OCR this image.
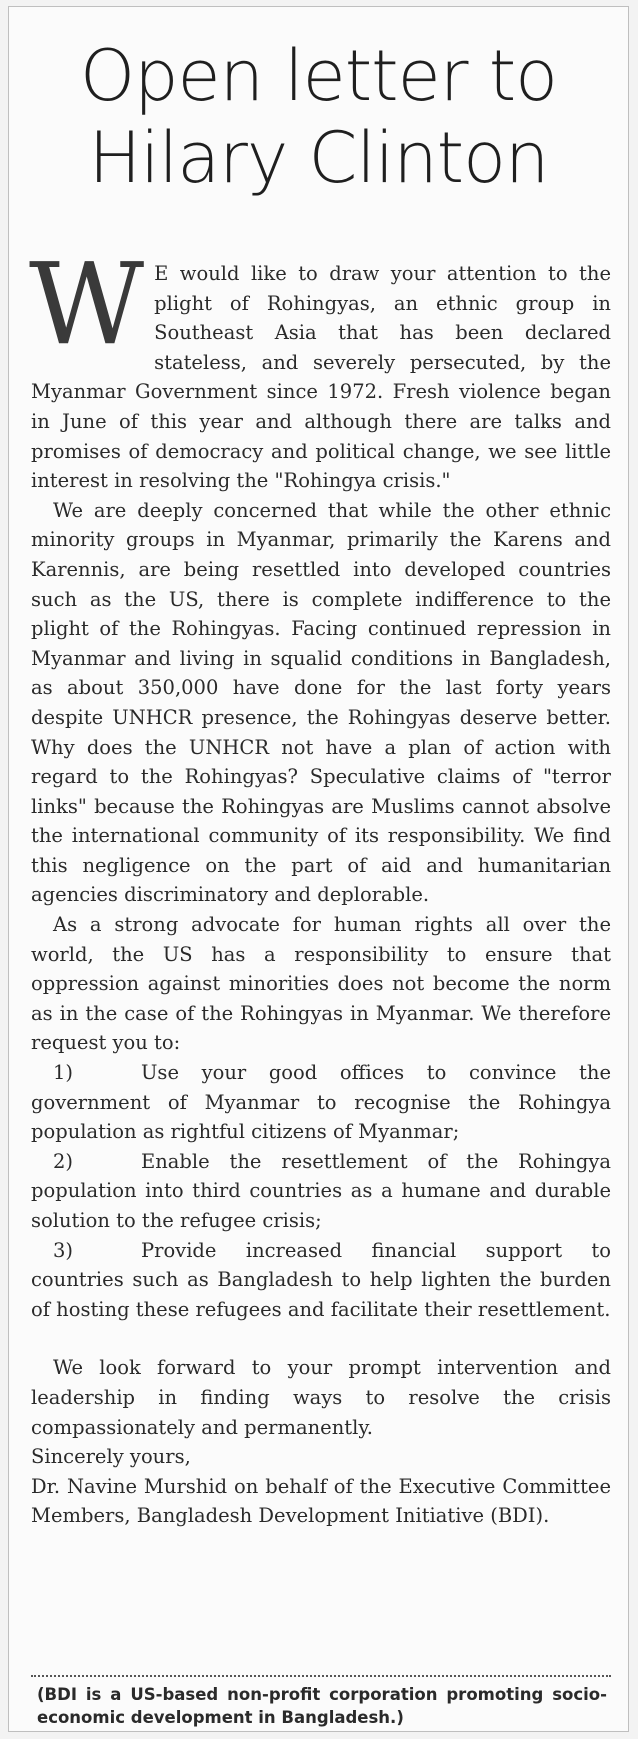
Open letter to Hilary Clinton

W E would like to draw your attention to the plight of Rohingyas, an ethnic group in Southeast Asia that has been declared stateless, and severely persecuted, by the Myanmar Government since 1972. Fresh violence began in June of this year and although there are talks and promises of democracy and political change, we see little interest in resolving the "Rohingya crisis."

We are deeply concerned that while the other ethnic minority groups in Myanmar, primarily the Karens and Karennis, are being resettled into developed countries such as the US, there is complete indifference to the plight of the Rohingyas. Facing continued repression in Myanmar and living in squalid conditions in Bangladesh, as about 350,000 have done for the last forty years despite UNHCR presence, the Rohingyas deserve better. Why does the UNHCR not have a plan of action with regard to the Rohingyas? Speculative claims of "terror links" because the Rohingyas are Muslims cannot absolve the international community of its responsibility. We find this negligence on the part of aid and humanitarian agencies discriminatory and deplorable.

As a strong advocate for human rights all over the world, the US has a responsibility to ensure that oppression against minorities does not become the norm as in the case of the Rohingyas in Myanmar. We therefore request you to:

1)	Use your good offices to convince the government of Myanmar to recognise the Rohingya population as rightful citizens of Myanmar;

2)	Enable the resettlement of the Rohingya population into third countries as a humane and durable solution to the refugee crisis;

3)	Provide increased financial support to countries such as Bangladesh to help lighten the burden of hosting these refugees and facilitate their resettlement.

We look forward to your prompt intervention and leadership in finding ways to resolve the crisis compassionately and permanently.

Sincerely yours,

Dr. Navine Murshid on behalf of the Executive Committee Members, Bangladesh Development Initiative (BDI).

(BDI is a US-based non-profit corporation promoting socio-economic development in Bangladesh.)
